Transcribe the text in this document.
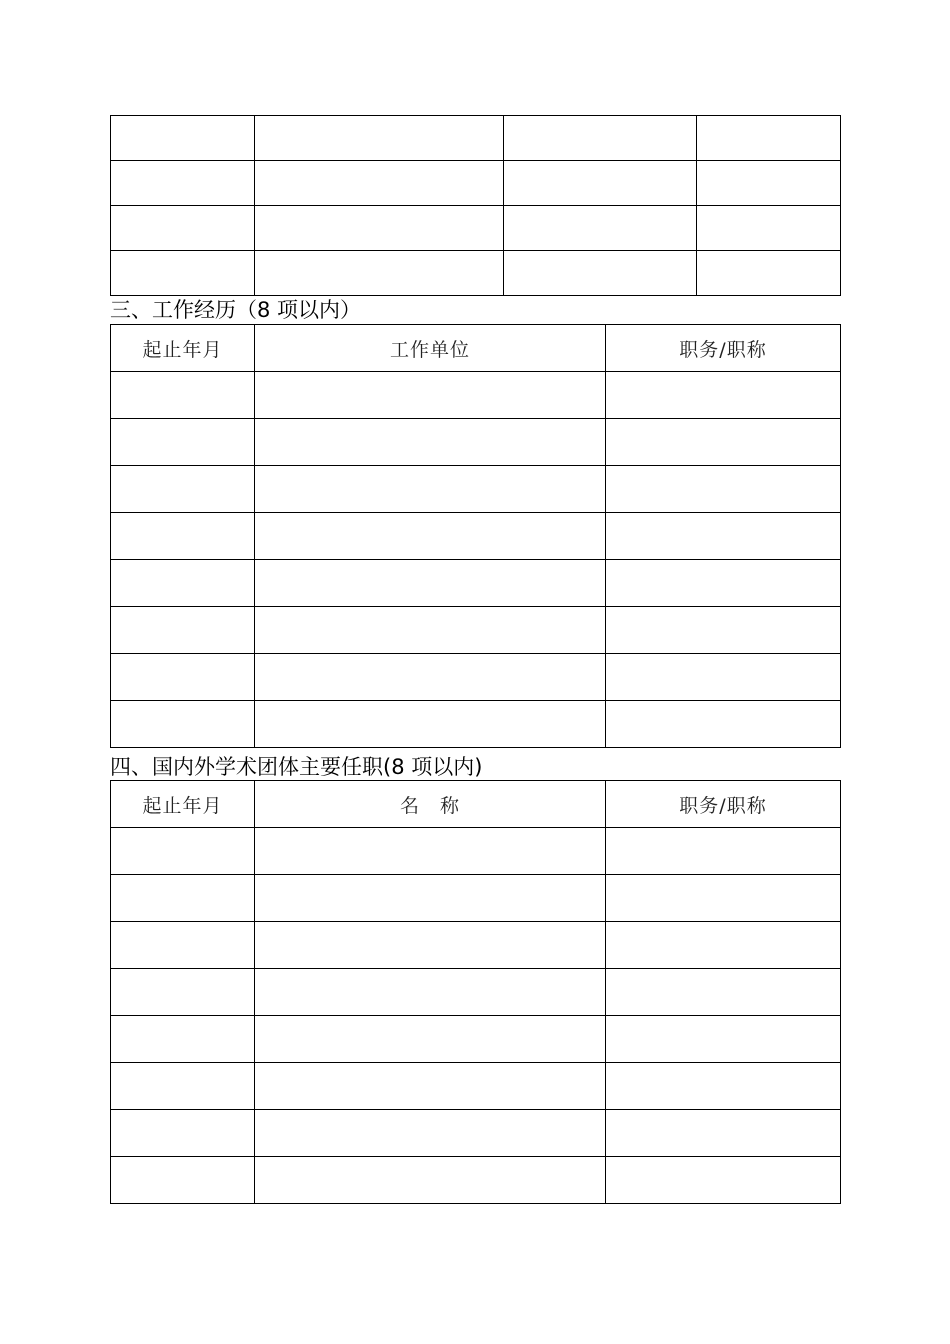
三、工作经历（8 项以内）
起止年月	工作单位	职务/职称

四、国内外学术团体主要任职(8 项以内)
起止年月	名　称	职务/职称
